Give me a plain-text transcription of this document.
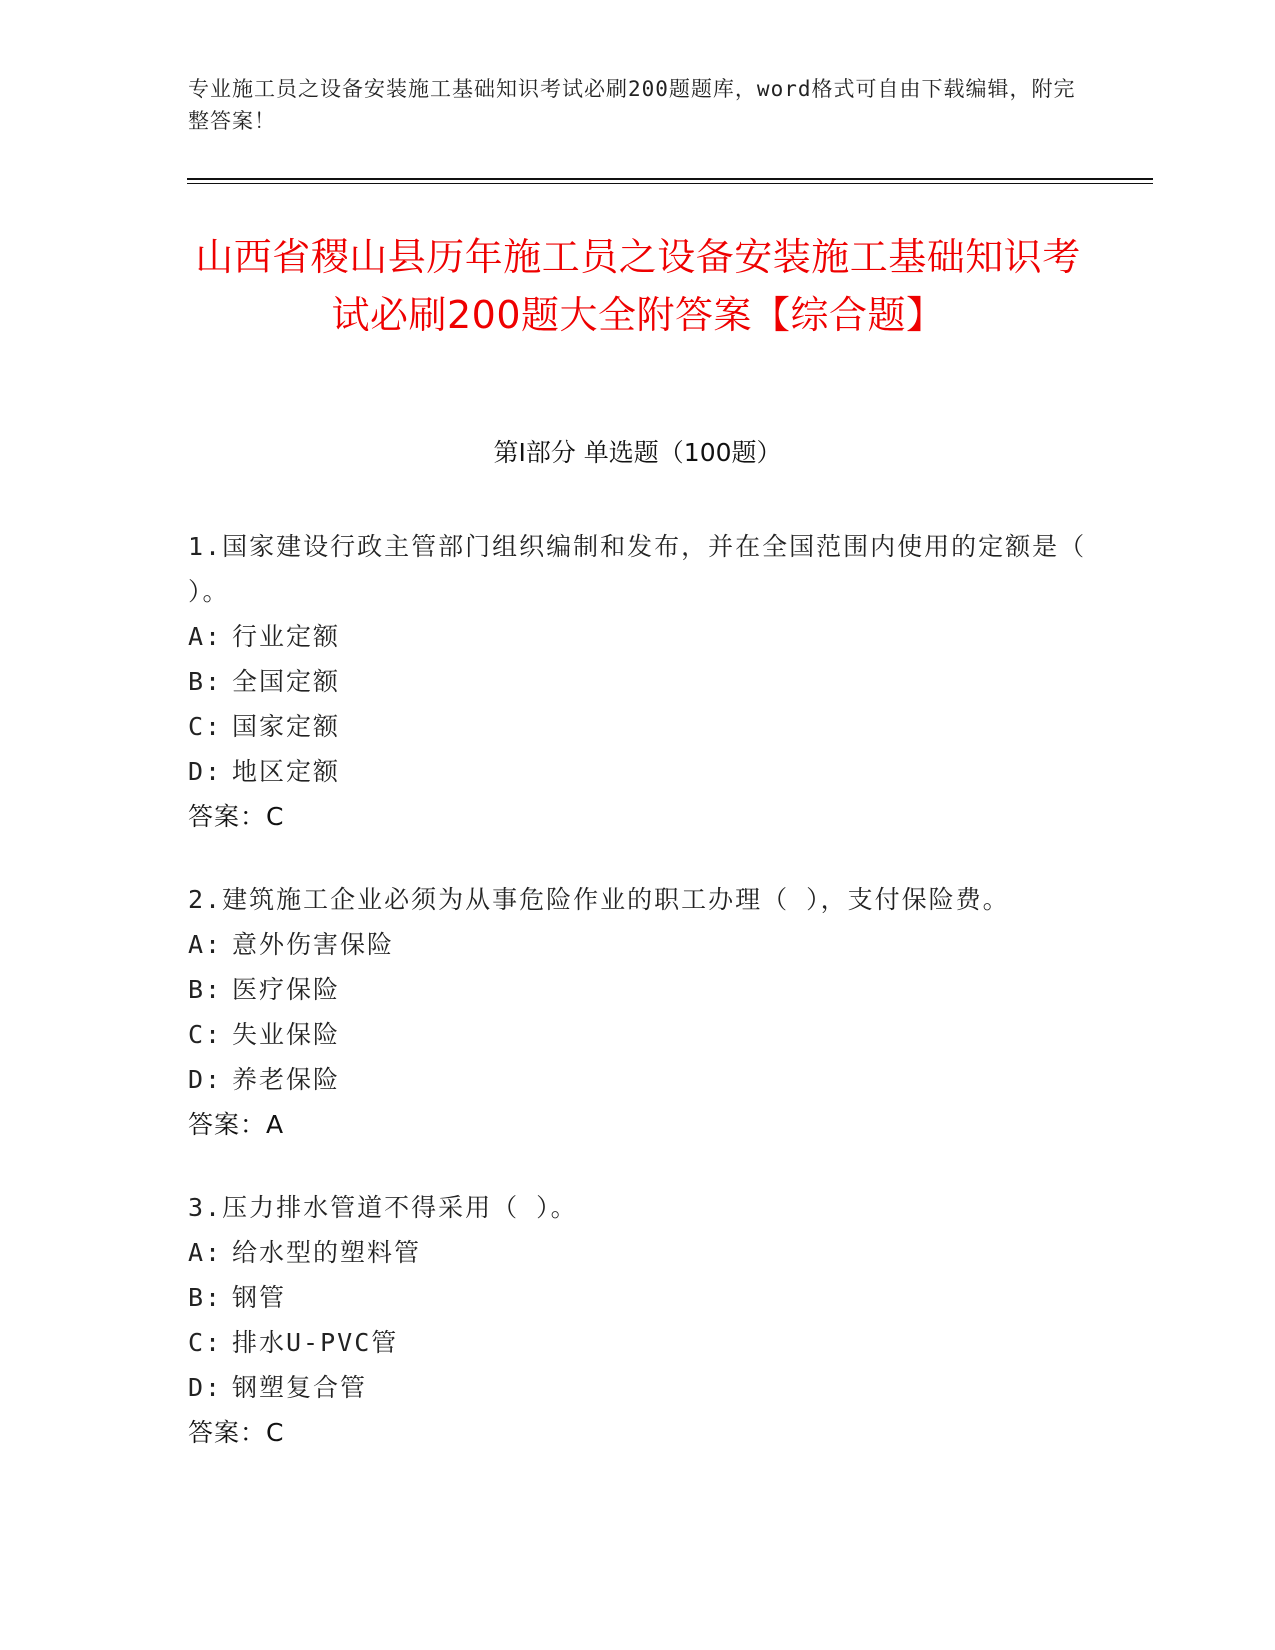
专业施工员之设备安装施工基础知识考试必刷200题题库，word格式可自由下载编辑，附完整答案！
山西省稷山县历年施工员之设备安装施工基础知识考试必刷200题大全附答案【综合题】
第I部分 单选题（100题）

1.国家建设行政主管部门组织编制和发布，并在全国范围内使用的定额是（ ）。

A: 行业定额
B: 全国定额
C: 国家定额
D: 地区定额
答案：C

2.建筑施工企业必须为从事危险作业的职工办理（ ），支付保险费。

A: 意外伤害保险
B: 医疗保险
C: 失业保险
D: 养老保险
答案：A

3.压力排水管道不得采用（ ）。

A: 给水型的塑料管
B: 钢管
C: 排水U-PVC管
D: 钢塑复合管
答案：C
